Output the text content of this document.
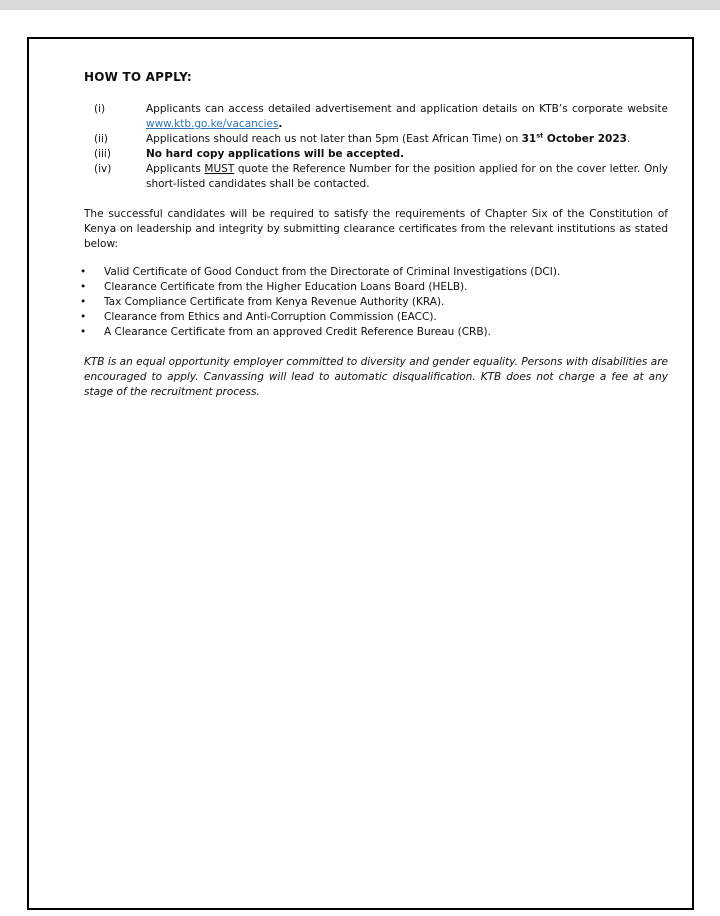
HOW TO APPLY:
(i)	Applicants can access detailed advertisement and application details on KTB’s corporate website www.ktb.go.ke/vacancies.
(ii)	Applications should reach us not later than 5pm (East African Time) on 31st October 2023.
(iii)	No hard copy applications will be accepted.
(iv)	Applicants MUST quote the Reference Number for the position applied for on the cover letter. Only short-listed candidates shall be contacted.
The successful candidates will be required to satisfy the requirements of Chapter Six of the Constitution of Kenya on leadership and integrity by submitting clearance certificates from the relevant institutions as stated below:
•	Valid Certificate of Good Conduct from the Directorate of Criminal Investigations (DCI).
•	Clearance Certificate from the Higher Education Loans Board (HELB).
•	Tax Compliance Certificate from Kenya Revenue Authority (KRA).
•	Clearance from Ethics and Anti-Corruption Commission (EACC).
•	A Clearance Certificate from an approved Credit Reference Bureau (CRB).
KTB is an equal opportunity employer committed to diversity and gender equality. Persons with disabilities are encouraged to apply. Canvassing will lead to automatic disqualification. KTB does not charge a fee at any stage of the recruitment process.
